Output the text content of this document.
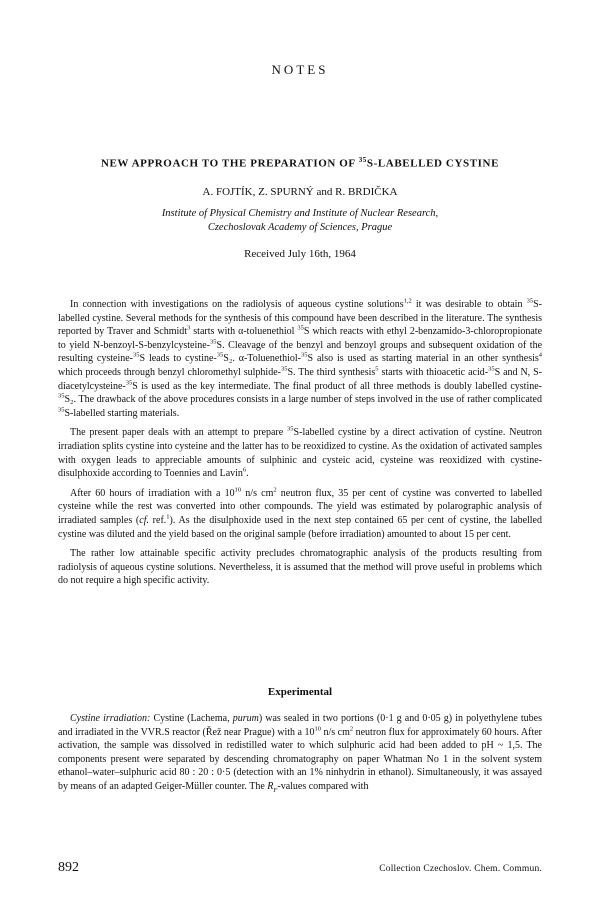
NOTES
NEW APPROACH TO THE PREPARATION OF $^{35}$S-LABELLED CYSTINE
A. FOJTÍK, Z. SPURNÝ and R. BRDIČKA
Institute of Physical Chemistry and Institute of Nuclear Research,
Czechoslovak Academy of Sciences, Prague
Received July 16th, 1964

In connection with investigations on the radiolysis of aqueous cystine solutions$^{1,2}$ it was desirable to obtain $^{35}$S-labelled cystine. Several methods for the synthesis of this compound have been described in the literature. The synthesis reported by Traver and Schmidt$^3$ starts with α-toluenethiol $^{35}$S which reacts with ethyl 2-benzamido-3-chloropropionate to yield N-benzoyl-S-benzylcysteine-$^{35}$S. Cleavage of the benzyl and benzoyl groups and subsequent oxidation of the resulting cysteine-$^{35}$S leads to cystine-$^{35}$S₂. α-Toluenethiol-$^{35}$S also is used as starting material in an other synthesis$^4$ which proceeds through benzyl chloromethyl sulphide-$^{35}$S. The third synthesis$^5$ starts with thioacetic acid-$^{35}$S and N, S-diacetylcysteine-$^{35}$S is used as the key intermediate. The final product of all three methods is doubly labelled cystine-$^{35}$S₂. The drawback of the above procedures consists in a large number of steps involved in the use of rather complicated $^{35}$S-labelled starting materials.

The present paper deals with an attempt to prepare $^{35}$S-labelled cystine by a direct activation of cystine. Neutron irradiation splits cystine into cysteine and the latter has to be reoxidized to cystine. As the oxidation of activated samples with oxygen leads to appreciable amounts of sulphinic and cysteic acid, cysteine was reoxidized with cystine-disulphoxide according to Toennies and Lavin$^6$.

After 60 hours of irradiation with a $10^{10}$ n/s $cm^2$ neutron flux, 35 per cent of cystine was converted to labelled cysteine while the rest was converted into other compounds. The yield was estimated by polarographic analysis of irradiated samples (cf. ref.$^1$). As the disulphoxide used in the next step contained 65 per cent of cystine, the labelled cystine was diluted and the yield based on the original sample (before irradiation) amounted to about 15 per cent.

The rather low attainable specific activity precludes chromatographic analysis of the products resulting from radiolysis of aqueous cystine solutions. Nevertheless, it is assumed that the method will prove useful in problems which do not require a high specific activity.

Experimental

Cystine irradiation: Cystine (Lachema, purum) was sealed in two portions (0·1 g and 0·05 g) in polyethylene tubes and irradiated in the VVR.S reactor (Řež near Prague) with a $10^{10}$ n/s $cm^2$ neutron flux for approximately 60 hours. After activation, the sample was dissolved in redistilled water to which sulphuric acid had been added to pH ~ 1,5. The components present were separated by descending chromatography on paper Whatman No 1 in the solvent system ethanol–water–sulphuric acid 80 : 20 : 0·5 (detection with an 1% ninhydrin in ethanol). Simultaneously, it was assayed by means of an adapted Geiger-Müller counter. The $R_F$-values compared with

892	Collection Czechoslov. Chem. Commun.
